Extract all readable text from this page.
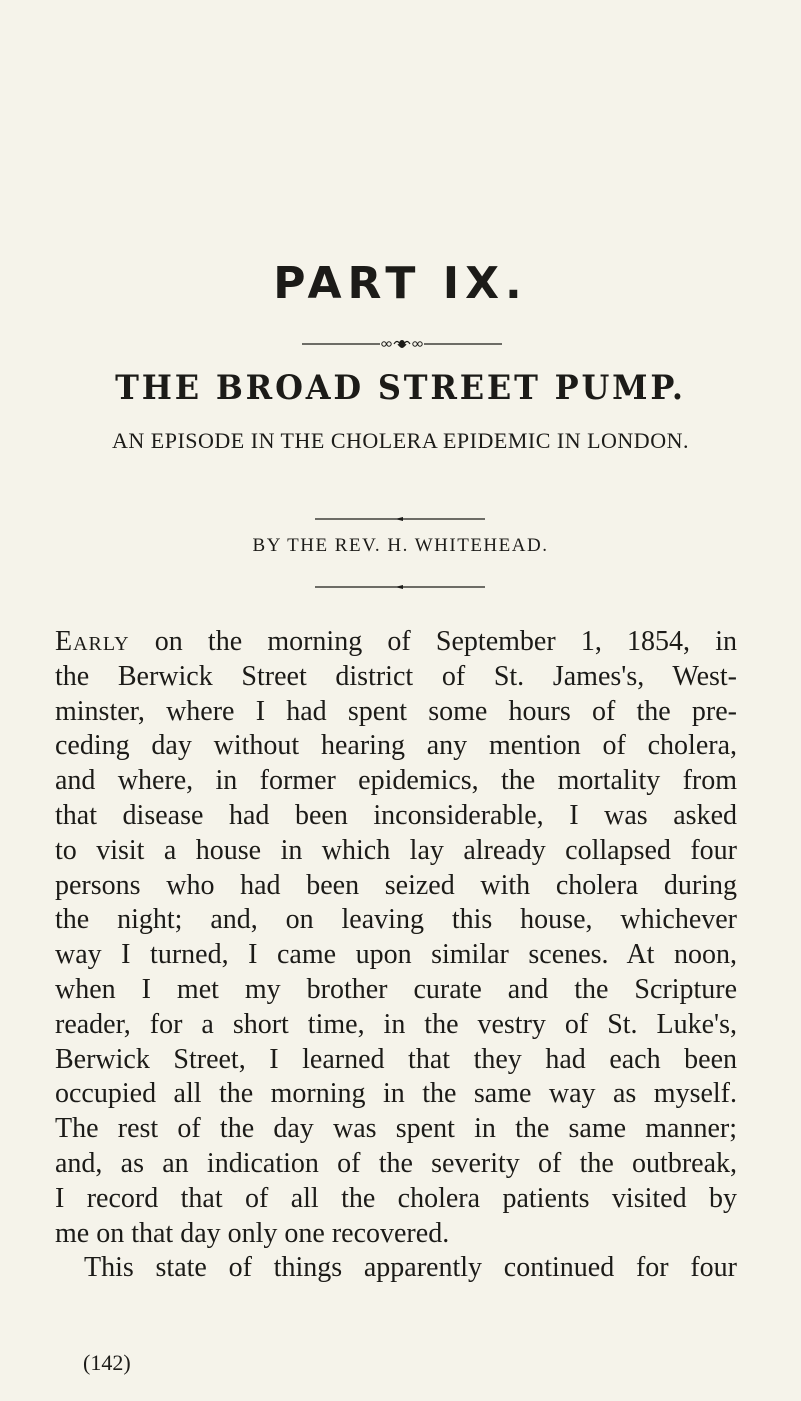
PART IX.
THE BROAD STREET PUMP.

AN EPISODE IN THE CHOLERA EPIDEMIC IN LONDON.

BY THE REV. H. WHITEHEAD.

Early on the morning of September 1, 1854, in
the Berwick Street district of St. James's, West-
minster, where I had spent some hours of the pre-
ceding day without hearing any mention of cholera,
and where, in former epidemics, the mortality from
that disease had been inconsiderable, I was asked
to visit a house in which lay already collapsed four
persons who had been seized with cholera during
the night; and, on leaving this house, whichever
way I turned, I came upon similar scenes. At noon,
when I met my brother curate and the Scripture
reader, for a short time, in the vestry of St. Luke's,
Berwick Street, I learned that they had each been
occupied all the morning in the same way as myself.
The rest of the day was spent in the same manner;
and, as an indication of the severity of the outbreak,
I record that of all the cholera patients visited by
me on that day only one recovered.
This state of things apparently continued for four

(142)
